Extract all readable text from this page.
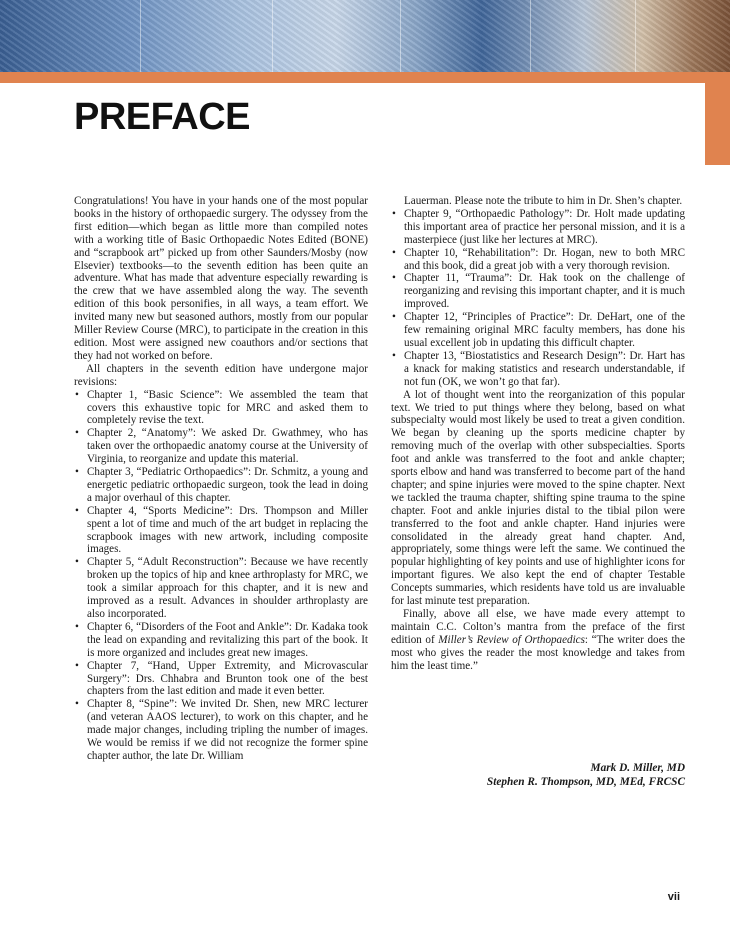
PREFACE

Congratulations! You have in your hands one of the most popular books in the history of orthopaedic surgery. The odyssey from the first edition—which began as little more than compiled notes with a working title of Basic Orthopaedic Notes Edited (BONE) and “scrapbook art” picked up from other Saunders/Mosby (now Elsevier) textbooks—to the seventh edition has been quite an adventure. What has made that adventure especially rewarding is the crew that we have assembled along the way. The seventh edition of this book personifies, in all ways, a team effort. We invited many new but seasoned authors, mostly from our popular Miller Review Course (MRC), to participate in the creation in this edition. Most were assigned new coauthors and/or sections that they had not worked on before.

All chapters in the seventh edition have undergone major revisions:

• Chapter 1, “Basic Science”: We assembled the team that covers this exhaustive topic for MRC and asked them to completely revise the text.
• Chapter 2, “Anatomy”: We asked Dr. Gwathmey, who has taken over the orthopaedic anatomy course at the University of Virginia, to reorganize and update this material.
• Chapter 3, “Pediatric Orthopaedics”: Dr. Schmitz, a young and energetic pediatric orthopaedic surgeon, took the lead in doing a major overhaul of this chapter.
• Chapter 4, “Sports Medicine”: Drs. Thompson and Miller spent a lot of time and much of the art budget in replacing the scrapbook images with new artwork, including composite images.
• Chapter 5, “Adult Reconstruction”: Because we have recently broken up the topics of hip and knee arthroplasty for MRC, we took a similar approach for this chapter, and it is new and improved as a result. Advances in shoulder arthroplasty are also incorporated.
• Chapter 6, “Disorders of the Foot and Ankle”: Dr. Kadaka took the lead on expanding and revitalizing this part of the book. It is more organized and includes great new images.
• Chapter 7, “Hand, Upper Extremity, and Microvascular Surgery”: Drs. Chhabra and Brunton took one of the best chapters from the last edition and made it even better.
• Chapter 8, “Spine”: We invited Dr. Shen, new MRC lecturer (and veteran AAOS lecturer), to work on this chapter, and he made major changes, including tripling the number of images. We would be remiss if we did not recognize the former spine chapter author, the late Dr. William
Lauerman. Please note the tribute to him in Dr. Shen’s chapter.
• Chapter 9, “Orthopaedic Pathology”: Dr. Holt made updating this important area of practice her personal mission, and it is a masterpiece (just like her lectures at MRC).
• Chapter 10, “Rehabilitation”: Dr. Hogan, new to both MRC and this book, did a great job with a very thorough revision.
• Chapter 11, “Trauma”: Dr. Hak took on the challenge of reorganizing and revising this important chapter, and it is much improved.
• Chapter 12, “Principles of Practice”: Dr. DeHart, one of the few remaining original MRC faculty members, has done his usual excellent job in updating this difficult chapter.
• Chapter 13, “Biostatistics and Research Design”: Dr. Hart has a knack for making statistics and research understandable, if not fun (OK, we won’t go that far).

A lot of thought went into the reorganization of this popular text. We tried to put things where they belong, based on what subspecialty would most likely be used to treat a given condition. We began by cleaning up the sports medicine chapter by removing much of the overlap with other subspecialties. Sports foot and ankle was transferred to the foot and ankle chapter; sports elbow and hand was transferred to become part of the hand chapter; and spine injuries were moved to the spine chapter. Next we tackled the trauma chapter, shifting spine trauma to the spine chapter. Foot and ankle injuries distal to the tibial pilon were transferred to the foot and ankle chapter. Hand injuries were consolidated in the already great hand chapter. And, appropriately, some things were left the same. We continued the popular highlighting of key points and use of highlighter icons for important figures. We also kept the end of chapter Testable Concepts summaries, which residents have told us are invaluable for last minute test preparation.

Finally, above all else, we have made every attempt to maintain C.C. Colton’s mantra from the preface of the first edition of Miller’s Review of Orthopaedics: “The writer does the most who gives the reader the most knowledge and takes from him the least time.”

Mark D. Miller, MD
Stephen R. Thompson, MD, MEd, FRCSC
vii
